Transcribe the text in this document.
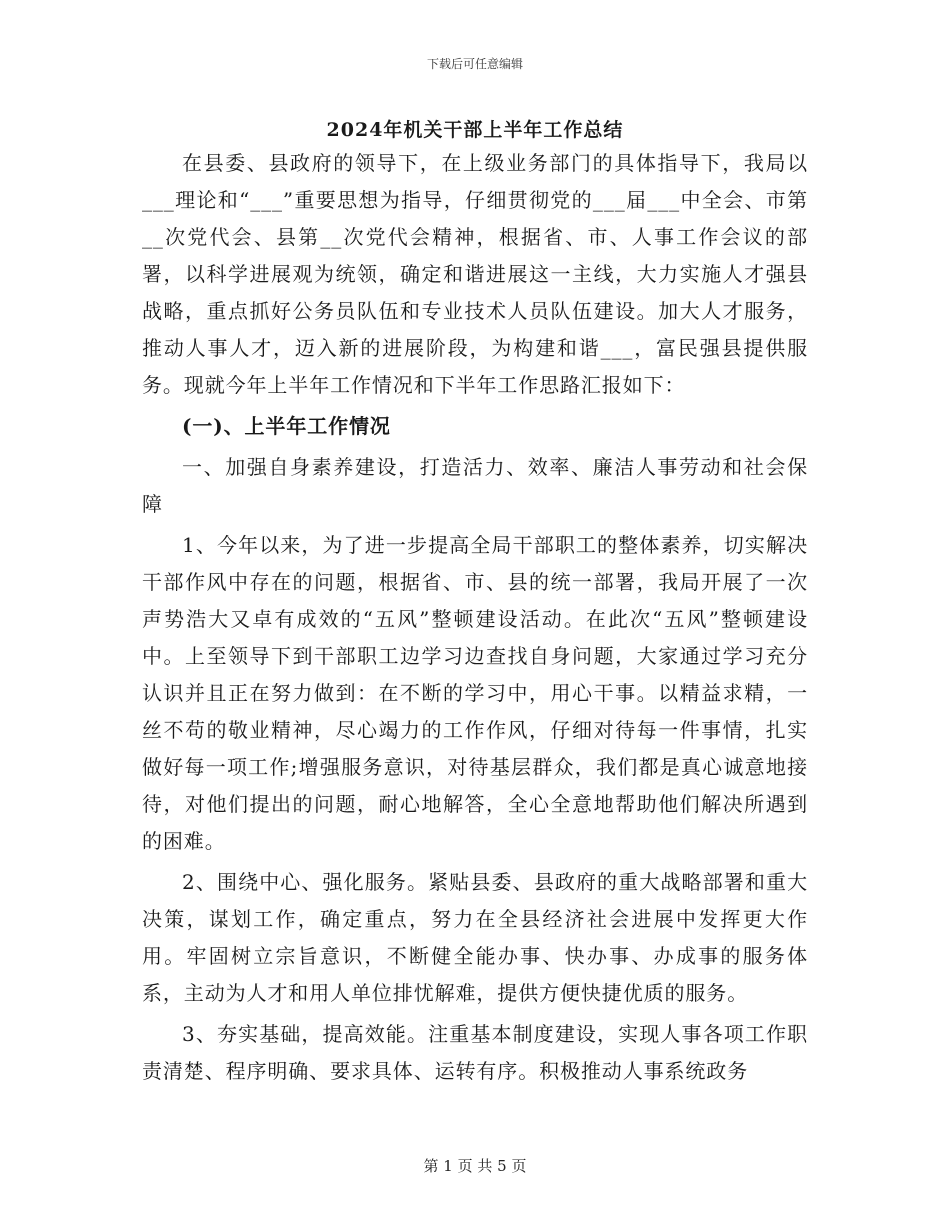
下载后可任意编辑
2024年机关干部上半年工作总结

在县委、县政府的领导下，在上级业务部门的具体指导下，我局以___理论和“___”重要思想为指导，仔细贯彻党的___届___中全会、市第__次党代会、县第__次党代会精神，根据省、市、人事工作会议的部署，以科学进展观为统领，确定和谐进展这一主线，大力实施人才强县战略，重点抓好公务员队伍和专业技术人员队伍建设。加大人才服务，推动人事人才，迈入新的进展阶段，为构建和谐___，富民强县提供服务。现就今年上半年工作情况和下半年工作思路汇报如下：

(一)、上半年工作情况

一、加强自身素养建设，打造活力、效率、廉洁人事劳动和社会保障

1、今年以来，为了进一步提高全局干部职工的整体素养，切实解决干部作风中存在的问题，根据省、市、县的统一部署，我局开展了一次声势浩大又卓有成效的“五风”整顿建设活动。在此次“五风”整顿建设中。上至领导下到干部职工边学习边查找自身问题，大家通过学习充分认识并且正在努力做到：在不断的学习中，用心干事。以精益求精，一丝不苟的敬业精神，尽心竭力的工作作风，仔细对待每一件事情，扎实做好每一项工作;增强服务意识，对待基层群众，我们都是真心诚意地接待，对他们提出的问题，耐心地解答，全心全意地帮助他们解决所遇到的困难。

2、围绕中心、强化服务。紧贴县委、县政府的重大战略部署和重大决策，谋划工作，确定重点，努力在全县经济社会进展中发挥更大作用。牢固树立宗旨意识，不断健全能办事、快办事、办成事的服务体系，主动为人才和用人单位排忧解难，提供方便快捷优质的服务。

3、夯实基础，提高效能。注重基本制度建设，实现人事各项工作职责清楚、程序明确、要求具体、运转有序。积极推动人事系统政务

第 1 页 共 5 页
